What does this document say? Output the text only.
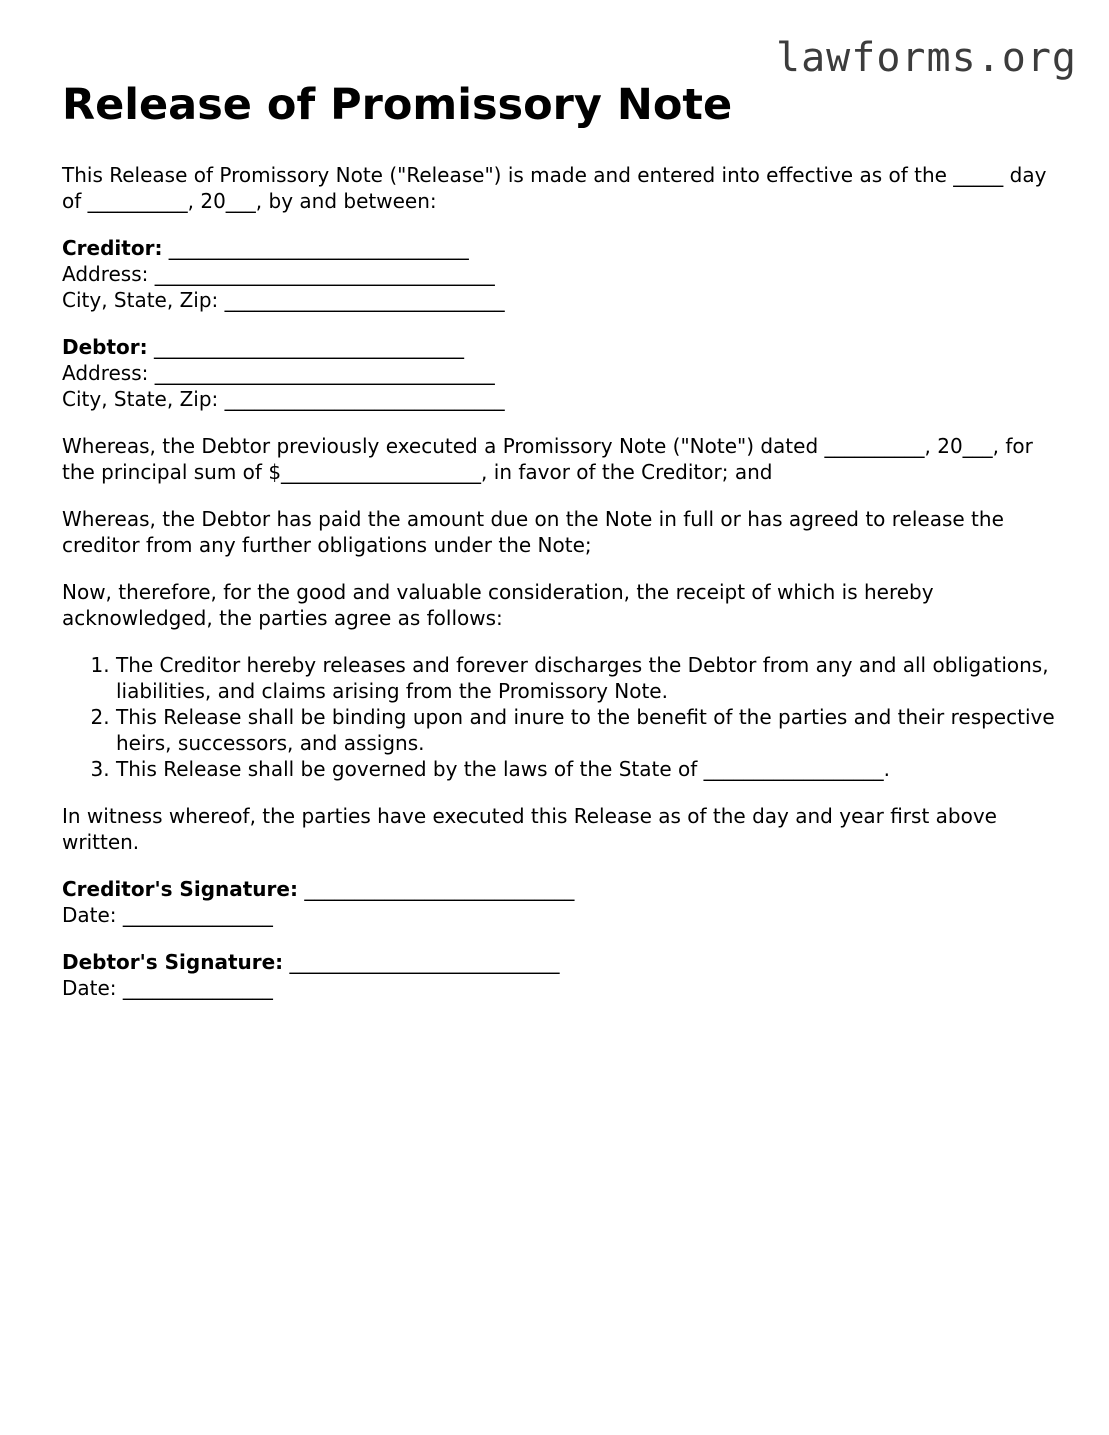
lawforms.org
Release of Promissory Note

This Release of Promissory Note ("Release") is made and entered into effective as of the _____ day of __________, 20___, by and between:

Creditor: ______________________________
Address: __________________________________
City, State, Zip: ____________________________
Debtor: _______________________________
Address: __________________________________
City, State, Zip: ____________________________

Whereas, the Debtor previously executed a Promissory Note ("Note") dated __________, 20___, for the principal sum of $____________________, in favor of the Creditor; and

Whereas, the Debtor has paid the amount due on the Note in full or has agreed to release the creditor from any further obligations under the Note;

Now, therefore, for the good and valuable consideration, the receipt of which is hereby acknowledged, the parties agree as follows:

1. The Creditor hereby releases and forever discharges the Debtor from any and all obligations, liabilities, and claims arising from the Promissory Note.
2. This Release shall be binding upon and inure to the benefit of the parties and their respective heirs, successors, and assigns.
3. This Release shall be governed by the laws of the State of __________________.

In witness whereof, the parties have executed this Release as of the day and year first above written.

Creditor's Signature: ___________________________
Date: _______________
Debtor's Signature: ___________________________
Date: _______________
